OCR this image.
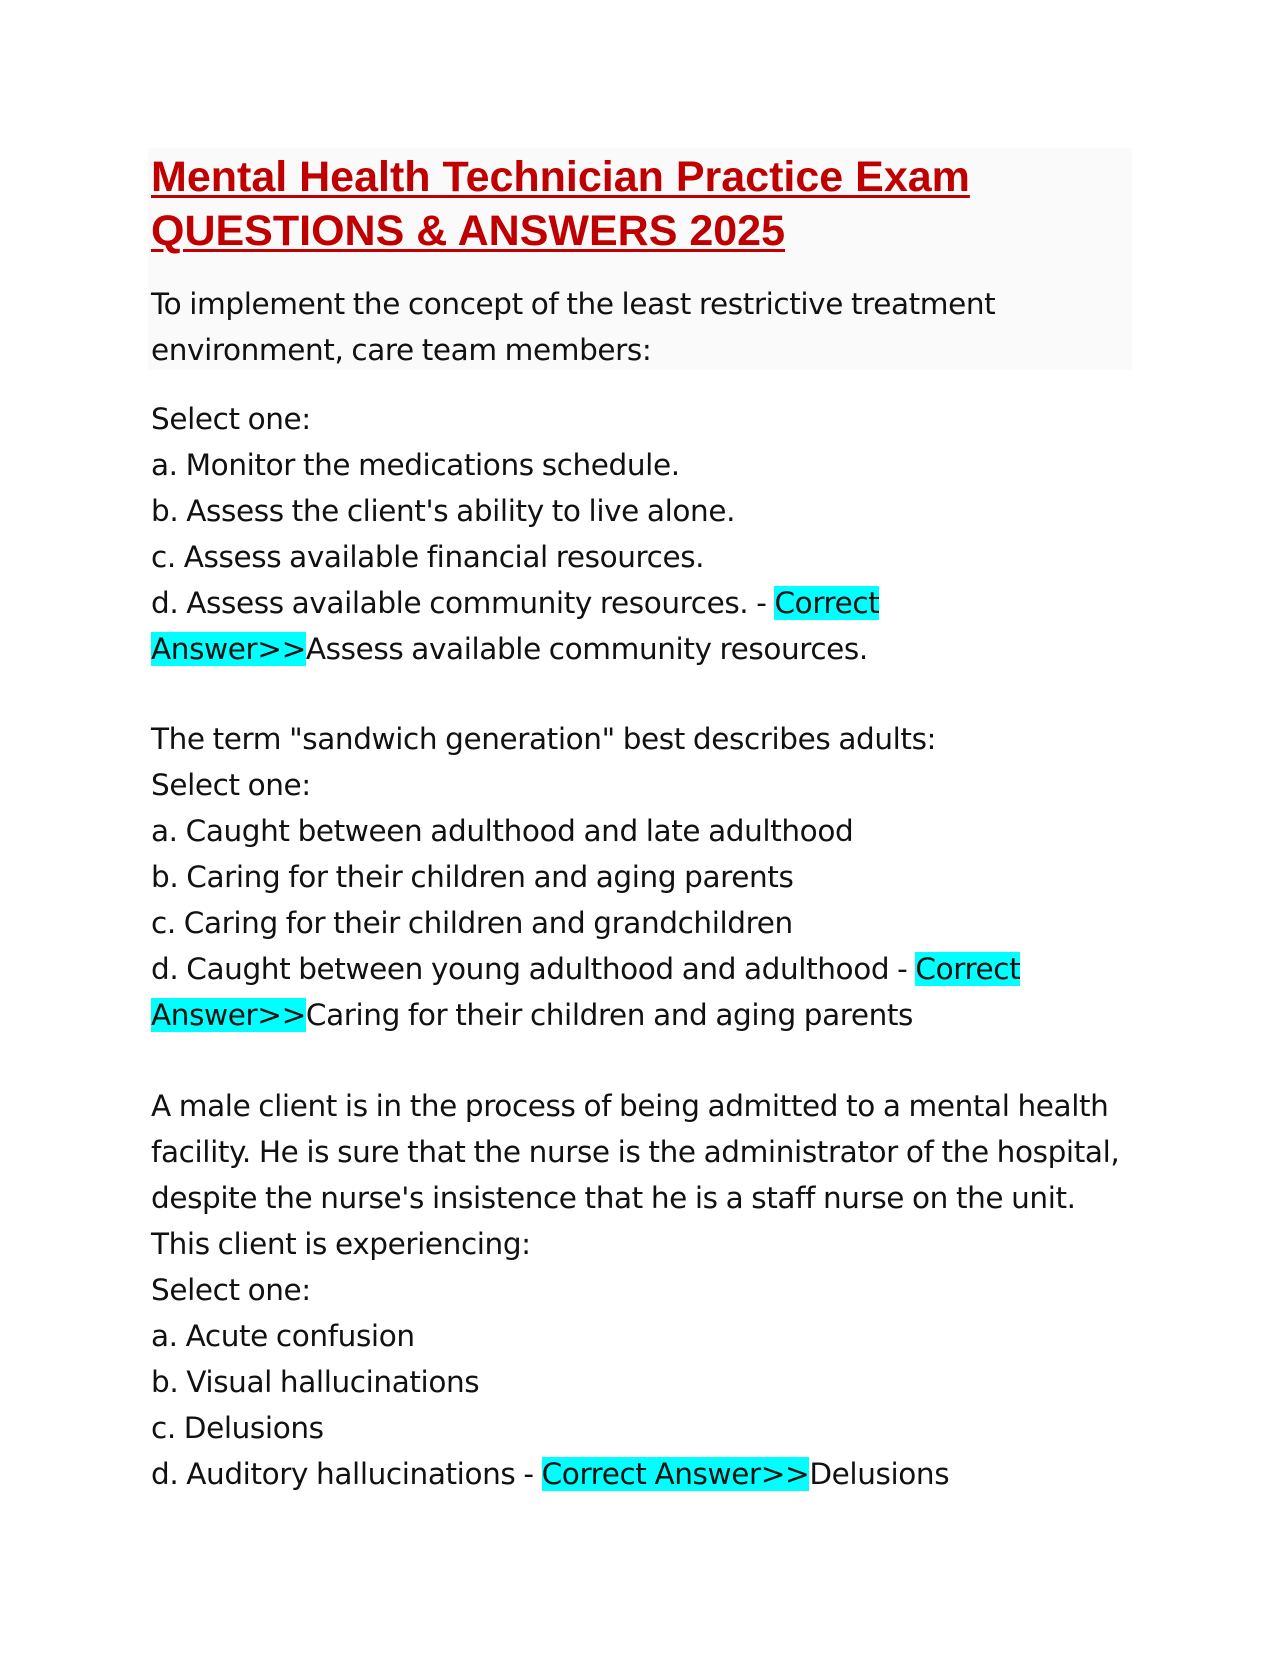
Mental Health Technician Practice Exam
QUESTIONS & ANSWERS 2025

To implement the concept of the least restrictive treatment environment, care team members:

Select one:
a. Monitor the medications schedule.
b. Assess the client's ability to live alone.
c. Assess available financial resources.
d. Assess available community resources. - Correct Answer>>Assess available community resources.
The term "sandwich generation" best describes adults:
Select one:
a. Caught between adulthood and late adulthood
b. Caring for their children and aging parents
c. Caring for their children and grandchildren
d. Caught between young adulthood and adulthood - Correct Answer>>Caring for their children and aging parents
A male client is in the process of being admitted to a mental health facility. He is sure that the nurse is the administrator of the hospital, despite the nurse's insistence that he is a staff nurse on the unit. This client is experiencing:
Select one:
a. Acute confusion
b. Visual hallucinations
c. Delusions
d. Auditory hallucinations - Correct Answer>>Delusions
